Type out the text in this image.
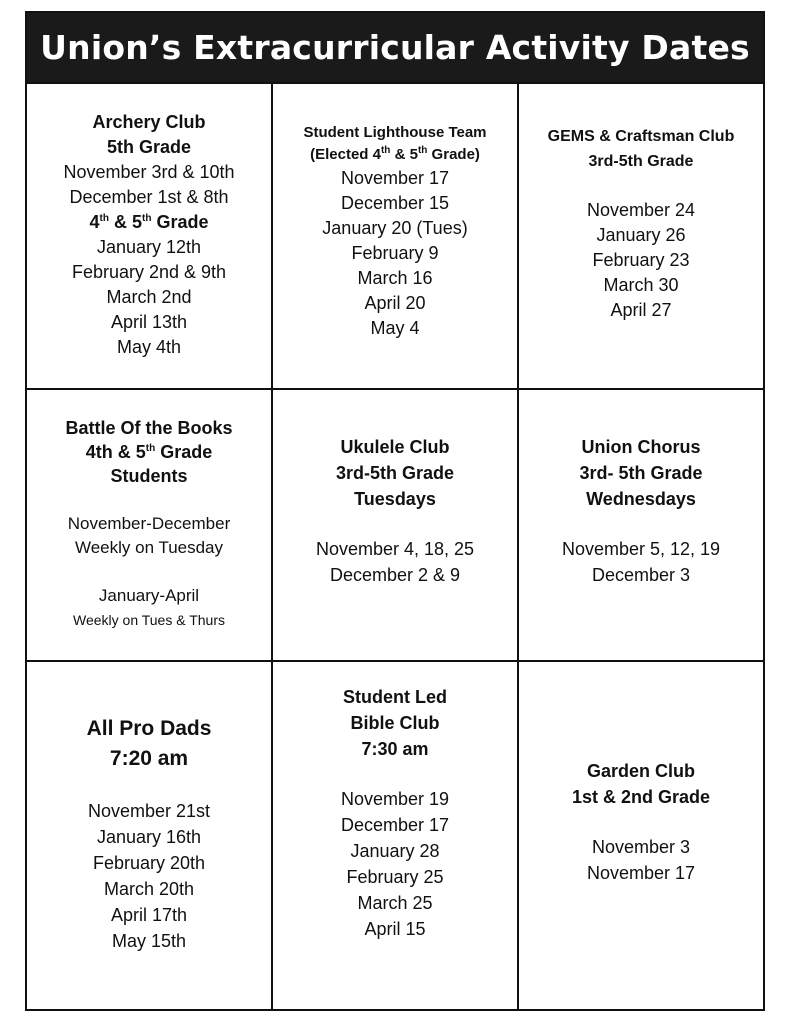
Union’s Extracurricular Activity Dates
Archery Club
5th Grade
November 3rd & 10th
December 1st & 8th
4th & 5th Grade
January 12th
February 2nd & 9th
March 2nd
April 13th
May 4th
Student Lighthouse Team
(Elected 4th & 5th Grade)
November 17
December 15
January 20 (Tues)
February 9
March 16
April 20
May 4
GEMS & Craftsman Club
3rd-5th Grade
November 24
January 26
February 23
March 30
April 27
Battle Of the Books
4th & 5th Grade
Students
November-December
Weekly on Tuesday
January-April
Weekly on Tues & Thurs
Ukulele Club
3rd-5th Grade
Tuesdays
November 4, 18, 25
December 2 & 9
Union Chorus
3rd- 5th Grade
Wednesdays
November 5, 12, 19
December 3
All Pro Dads
7:20 am
November 21st
January 16th
February 20th
March 20th
April 17th
May 15th
Student Led
Bible Club
7:30 am
November 19
December 17
January 28
February 25
March 25
April 15
Garden Club
1st & 2nd Grade
November 3
November 17
